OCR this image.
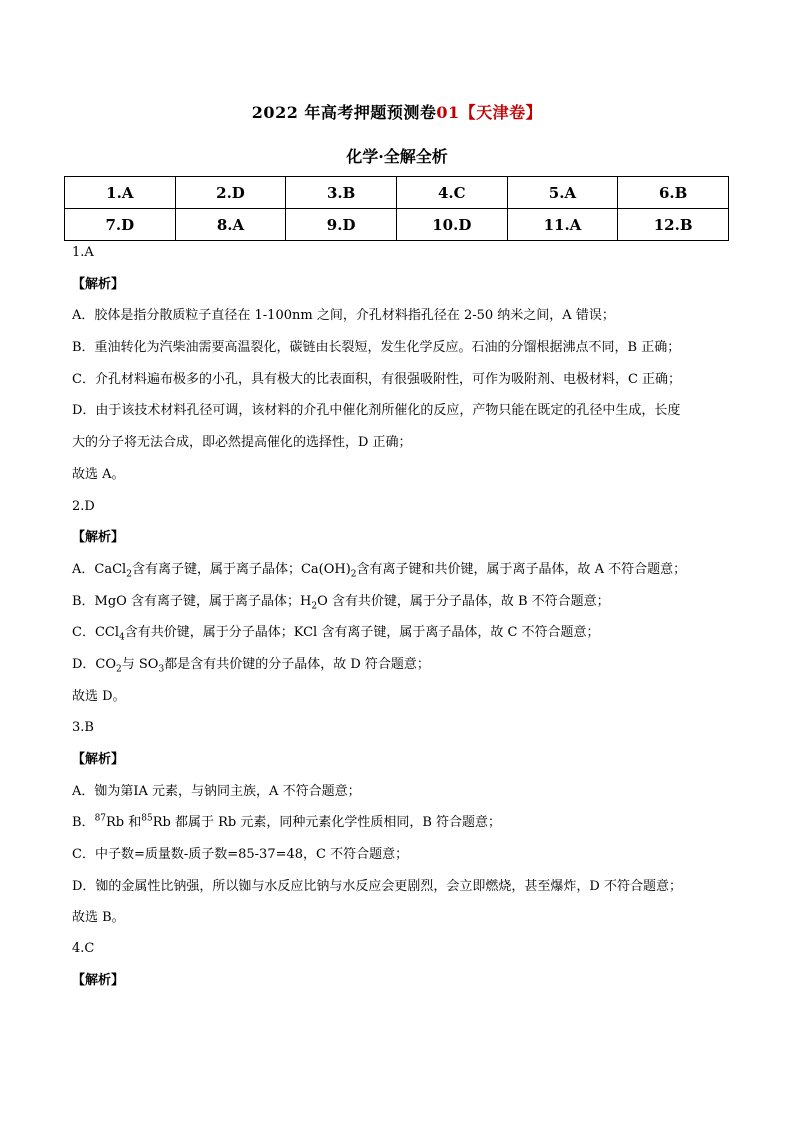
2022 年高考押题预测卷01【天津卷】
化学·全解全析
1.A	2.D	3.B	4.C	5.A	6.B
7.D	8.A	9.D	10.D	11.A	12.B
1.A
【解析】
A．胶体是指分散质粒子直径在 1-100nm 之间，介孔材料指孔径在 2-50 纳米之间，A 错误；
B．重油转化为汽柴油需要高温裂化，碳链由长裂短，发生化学反应。石油的分馏根据沸点不同，B 正确；
C．介孔材料遍布极多的小孔，具有极大的比表面积，有很强吸附性，可作为吸附剂、电极材料，C 正确；
D．由于该技术材料孔径可调，该材料的介孔中催化剂所催化的反应，产物只能在既定的孔径中生成，长度
大的分子将无法合成，即必然提高催化的选择性，D 正确；
故选 A。
2.D
【解析】
A．CaCl$_2$含有离子键，属于离子晶体；$Ca(OH)_2$含有离子键和共价键，属于离子晶体，故 A 不符合题意；
B．MgO 含有离子键，属于离子晶体；$H_2O$ 含有共价键，属于分子晶体，故 B 不符合题意；
C．CCl$_4$含有共价键，属于分子晶体；KCl 含有离子键，属于离子晶体，故 C 不符合题意；
D．$CO_2$与 $SO_3$都是含有共价键的分子晶体，故 D 符合题意；
故选 D。
3.B
【解析】
A．铷为第ⅠA 元素，与钠同主族，A 不符合题意；
B．$^{87}$Rb 和$^{85}$Rb 都属于 Rb 元素，同种元素化学性质相同，B 符合题意；
C．中子数=质量数-质子数=85-37=48，C 不符合题意；
D．铷的金属性比钠强，所以铷与水反应比钠与水反应会更剧烈，会立即燃烧，甚至爆炸，D 不符合题意；
故选 B。
4.C
【解析】
